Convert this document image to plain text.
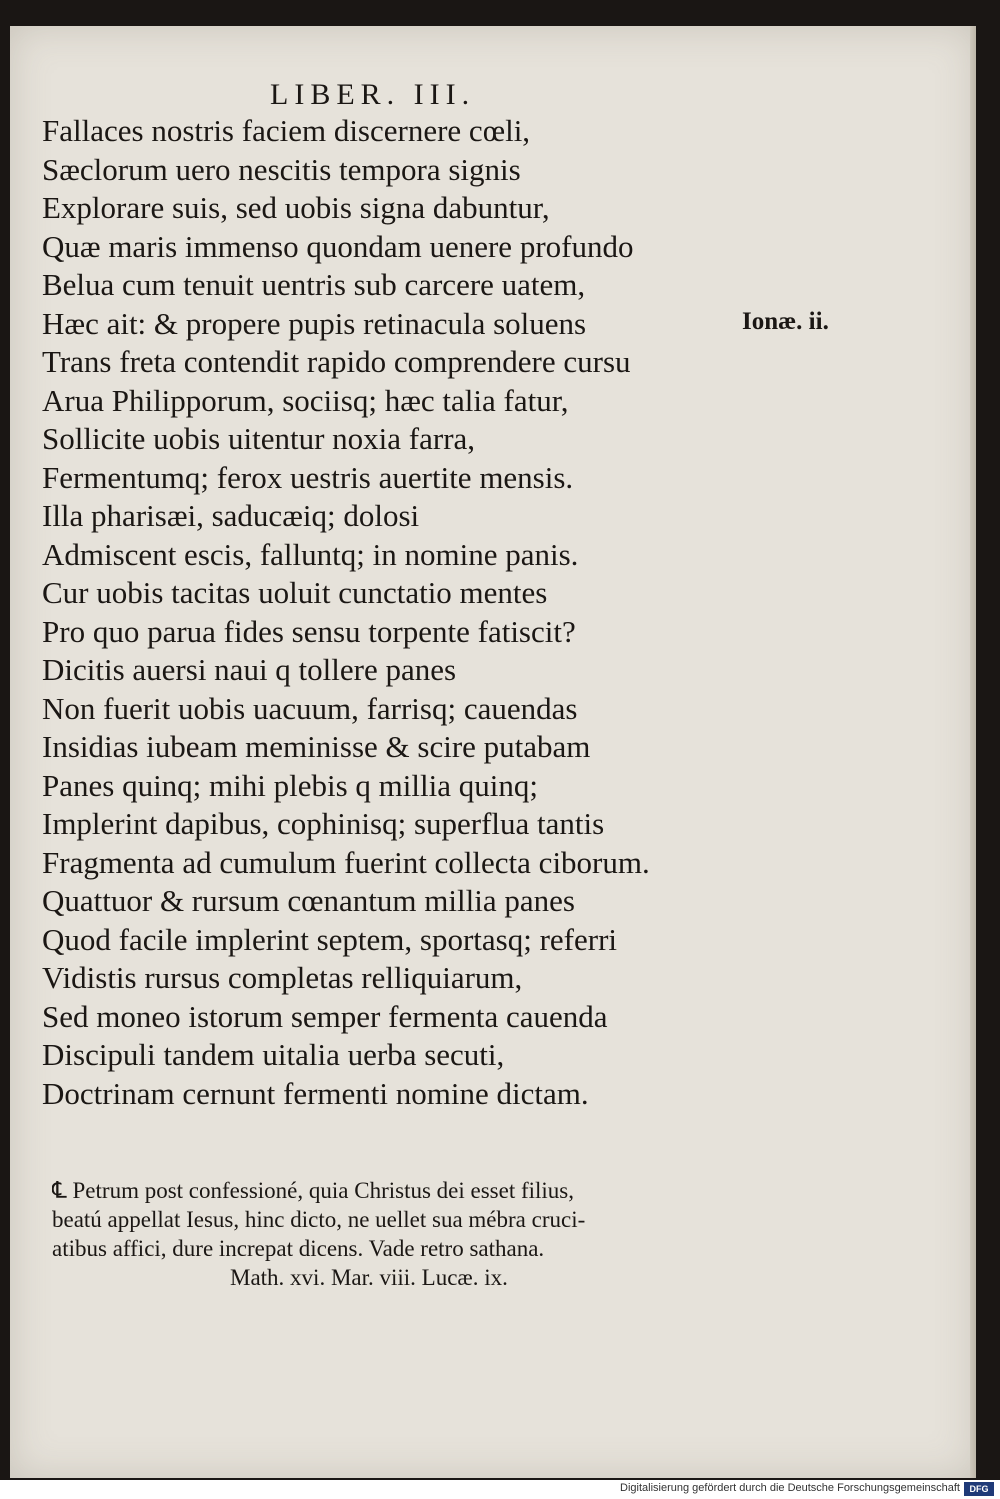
LIBER. III.
Fallaces nostris faciem discernere cœli,
Sæclorum uero nescitis tempora signis
Explorare suis, sed uobis signa dabuntur,
Quæ maris immenso quondam uenere profundo
Belua cum tenuit uentris sub carcere uatem,
Hæc ait: & propere pupis retinacula soluens
Trans freta contendit rapido comprendere cursu
Arua Philipporum, sociisq; hæc talia fatur,
Sollicite uobis uitentur noxia farra,
Fermentumq; ferox uestris auertite mensis.
Illa pharisæi, saducæiq; dolosi
Admiscent escis, falluntq; in nomine panis.
Cur uobis tacitas uoluit cunctatio mentes
Pro quo parua fides sensu torpente fatiscit?
Dicitis auersi naui q tollere panes
Non fuerit uobis uacuum, farrisq; cauendas
Insidias iubeam meminisse & scire putabam
Panes quinq; mihi plebis q millia quinq;
Implerint dapibus, cophinisq; superflua tantis
Fragmenta ad cumulum fuerint collecta ciborum.
Quattuor & rursum cœnantum millia panes
Quod facile implerint septem, sportasq; referri
Vidistis rursus completas relliquiarum,
Sed moneo istorum semper fermenta cauenda
Discipuli tandem uitalia uerba secuti,
Doctrinam cernunt fermenti nomine dictam.
Ionæ. ii.
℄ Petrum post confessioné, quia Christus dei esset filius,
beatú appellat Iesus, hinc dicto, ne uellet sua mébra cruci-
atibus affici, dure increpat dicens. Vade retro sathana.
Math. xvi. Mar. viii. Lucæ. ix.
Digitalisierung gefördert durch die Deutsche Forschungsgemeinschaft	DFG
